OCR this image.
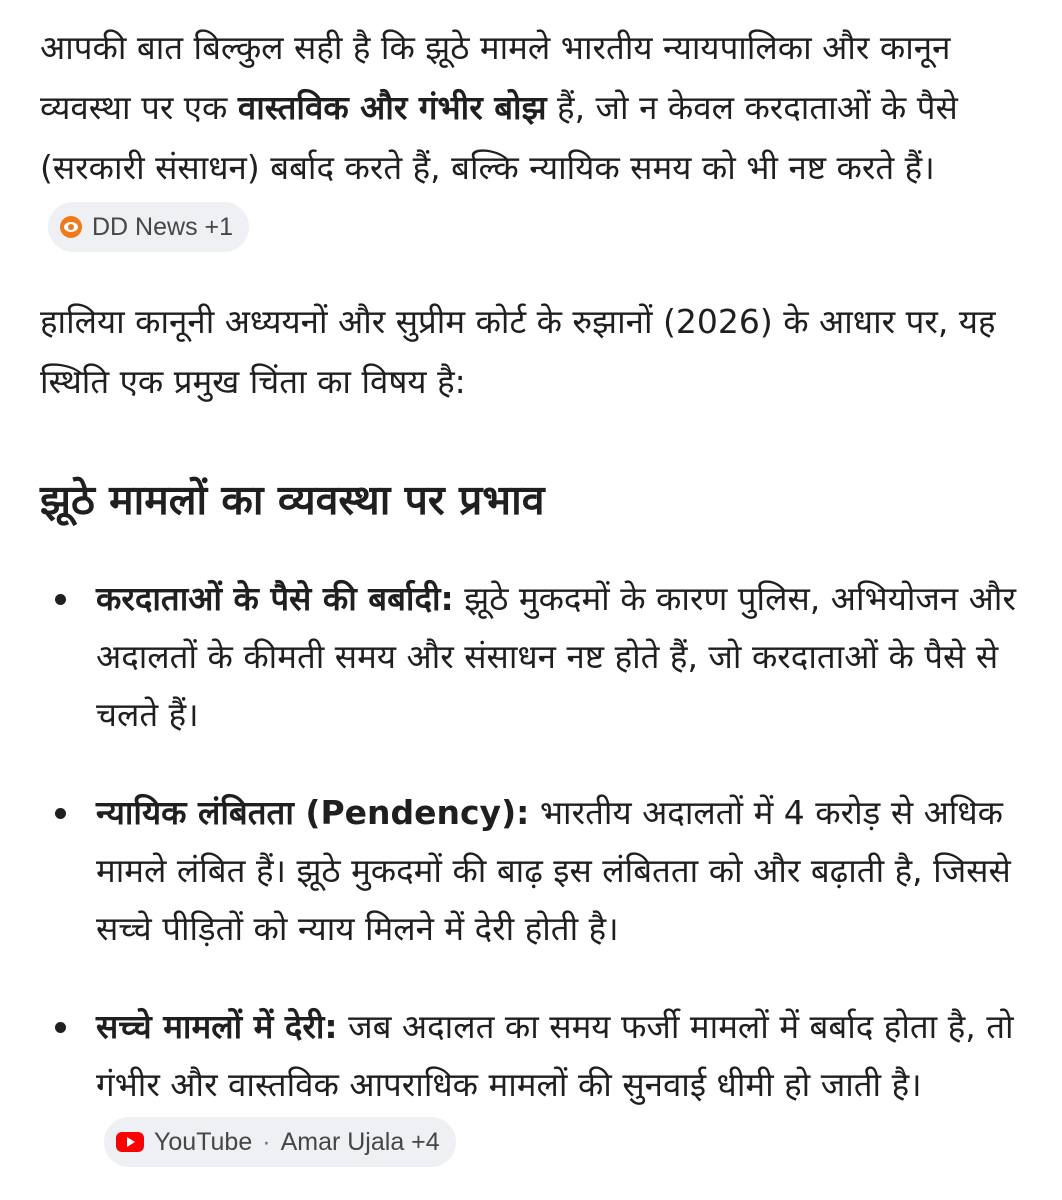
आपकी बात बिल्कुल सही है कि झूठे मामले भारतीय न्यायपालिका और कानून व्यवस्था पर एक वास्तविक और गंभीर बोझ हैं, जो न केवल करदाताओं के पैसे (सरकारी संसाधन) बर्बाद करते हैं, बल्कि न्यायिक समय को भी नष्ट करते हैं।
DD News +1

हालिया कानूनी अध्ययनों और सुप्रीम कोर्ट के रुझानों (2026) के आधार पर, यह स्थिति एक प्रमुख चिंता का विषय है:

झूठे मामलों का व्यवस्था पर प्रभाव
करदाताओं के पैसे की बर्बादी: झूठे मुकदमों के कारण पुलिस, अभियोजन और अदालतों के कीमती समय और संसाधन नष्ट होते हैं, जो करदाताओं के पैसे से चलते हैं।
न्यायिक लंबितता (Pendency): भारतीय अदालतों में 4 करोड़ से अधिक मामले लंबित हैं। झूठे मुकदमों की बाढ़ इस लंबितता को और बढ़ाती है, जिससे सच्चे पीड़ितों को न्याय मिलने में देरी होती है।
सच्चे मामलों में देरी: जब अदालत का समय फर्जी मामलों में बर्बाद होता है, तो गंभीर और वास्तविक आपराधिक मामलों की सुनवाई धीमी हो जाती है।
YouTube · Amar Ujala +4
